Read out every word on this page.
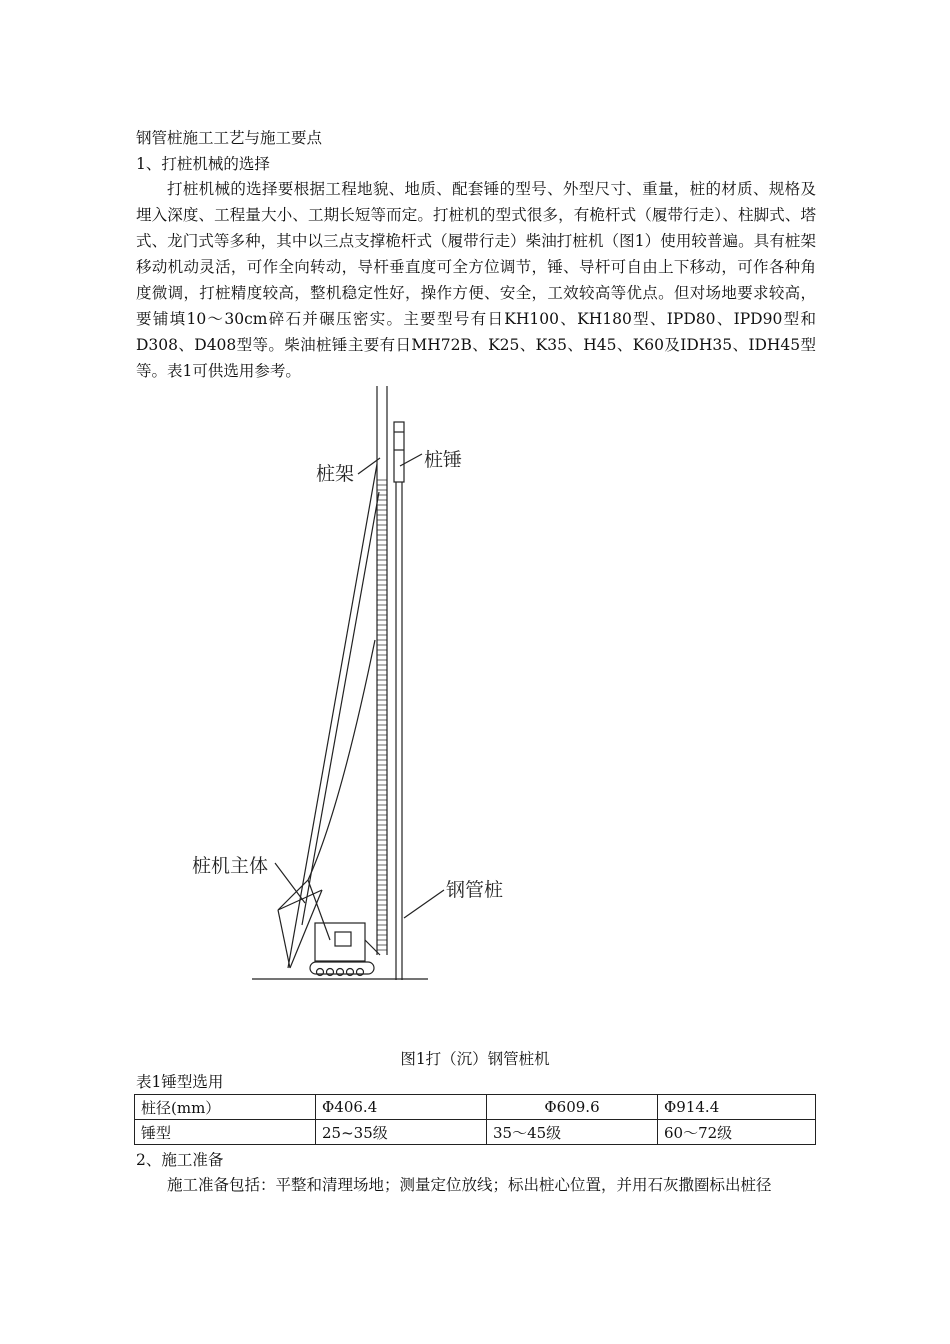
钢管桩施工工艺与施工要点
1、打桩机械的选择
打桩机械的选择要根据工程地貌、地质、配套锤的型号、外型尺寸、重量，桩的材质、规格及埋入深度、工程量大小、工期长短等而定。打桩机的型式很多，有桅杆式（履带行走）、柱脚式、塔式、龙门式等多种，其中以三点支撑桅杆式（履带行走）柴油打桩机（图1）使用较普遍。具有桩架移动机动灵活，可作全向转动，导杆垂直度可全方位调节，锤、导杆可自由上下移动，可作各种角度微调，打桩精度较高，整机稳定性好，操作方便、安全，工效较高等优点。但对场地要求较高，要铺填10～30cm碎石并碾压密实。主要型号有日KH100、KH180型、IPD80、IPD90型和D308、D408型等。柴油桩锤主要有日MH72B、K25、K35、H45、K60及IDH35、IDH45型等。表1可供选用参考。
桩架
桩锤
桩机主体
钢管桩
图1打（沉）钢管桩机
表1锤型选用
桩径(mm）	Φ406.4	Φ609.6	Φ914.4
锤型	25~35级	35～45级	60～72级
2、施工准备
施工准备包括：平整和清理场地；测量定位放线；标出桩心位置，并用石灰撒圈标出桩径
